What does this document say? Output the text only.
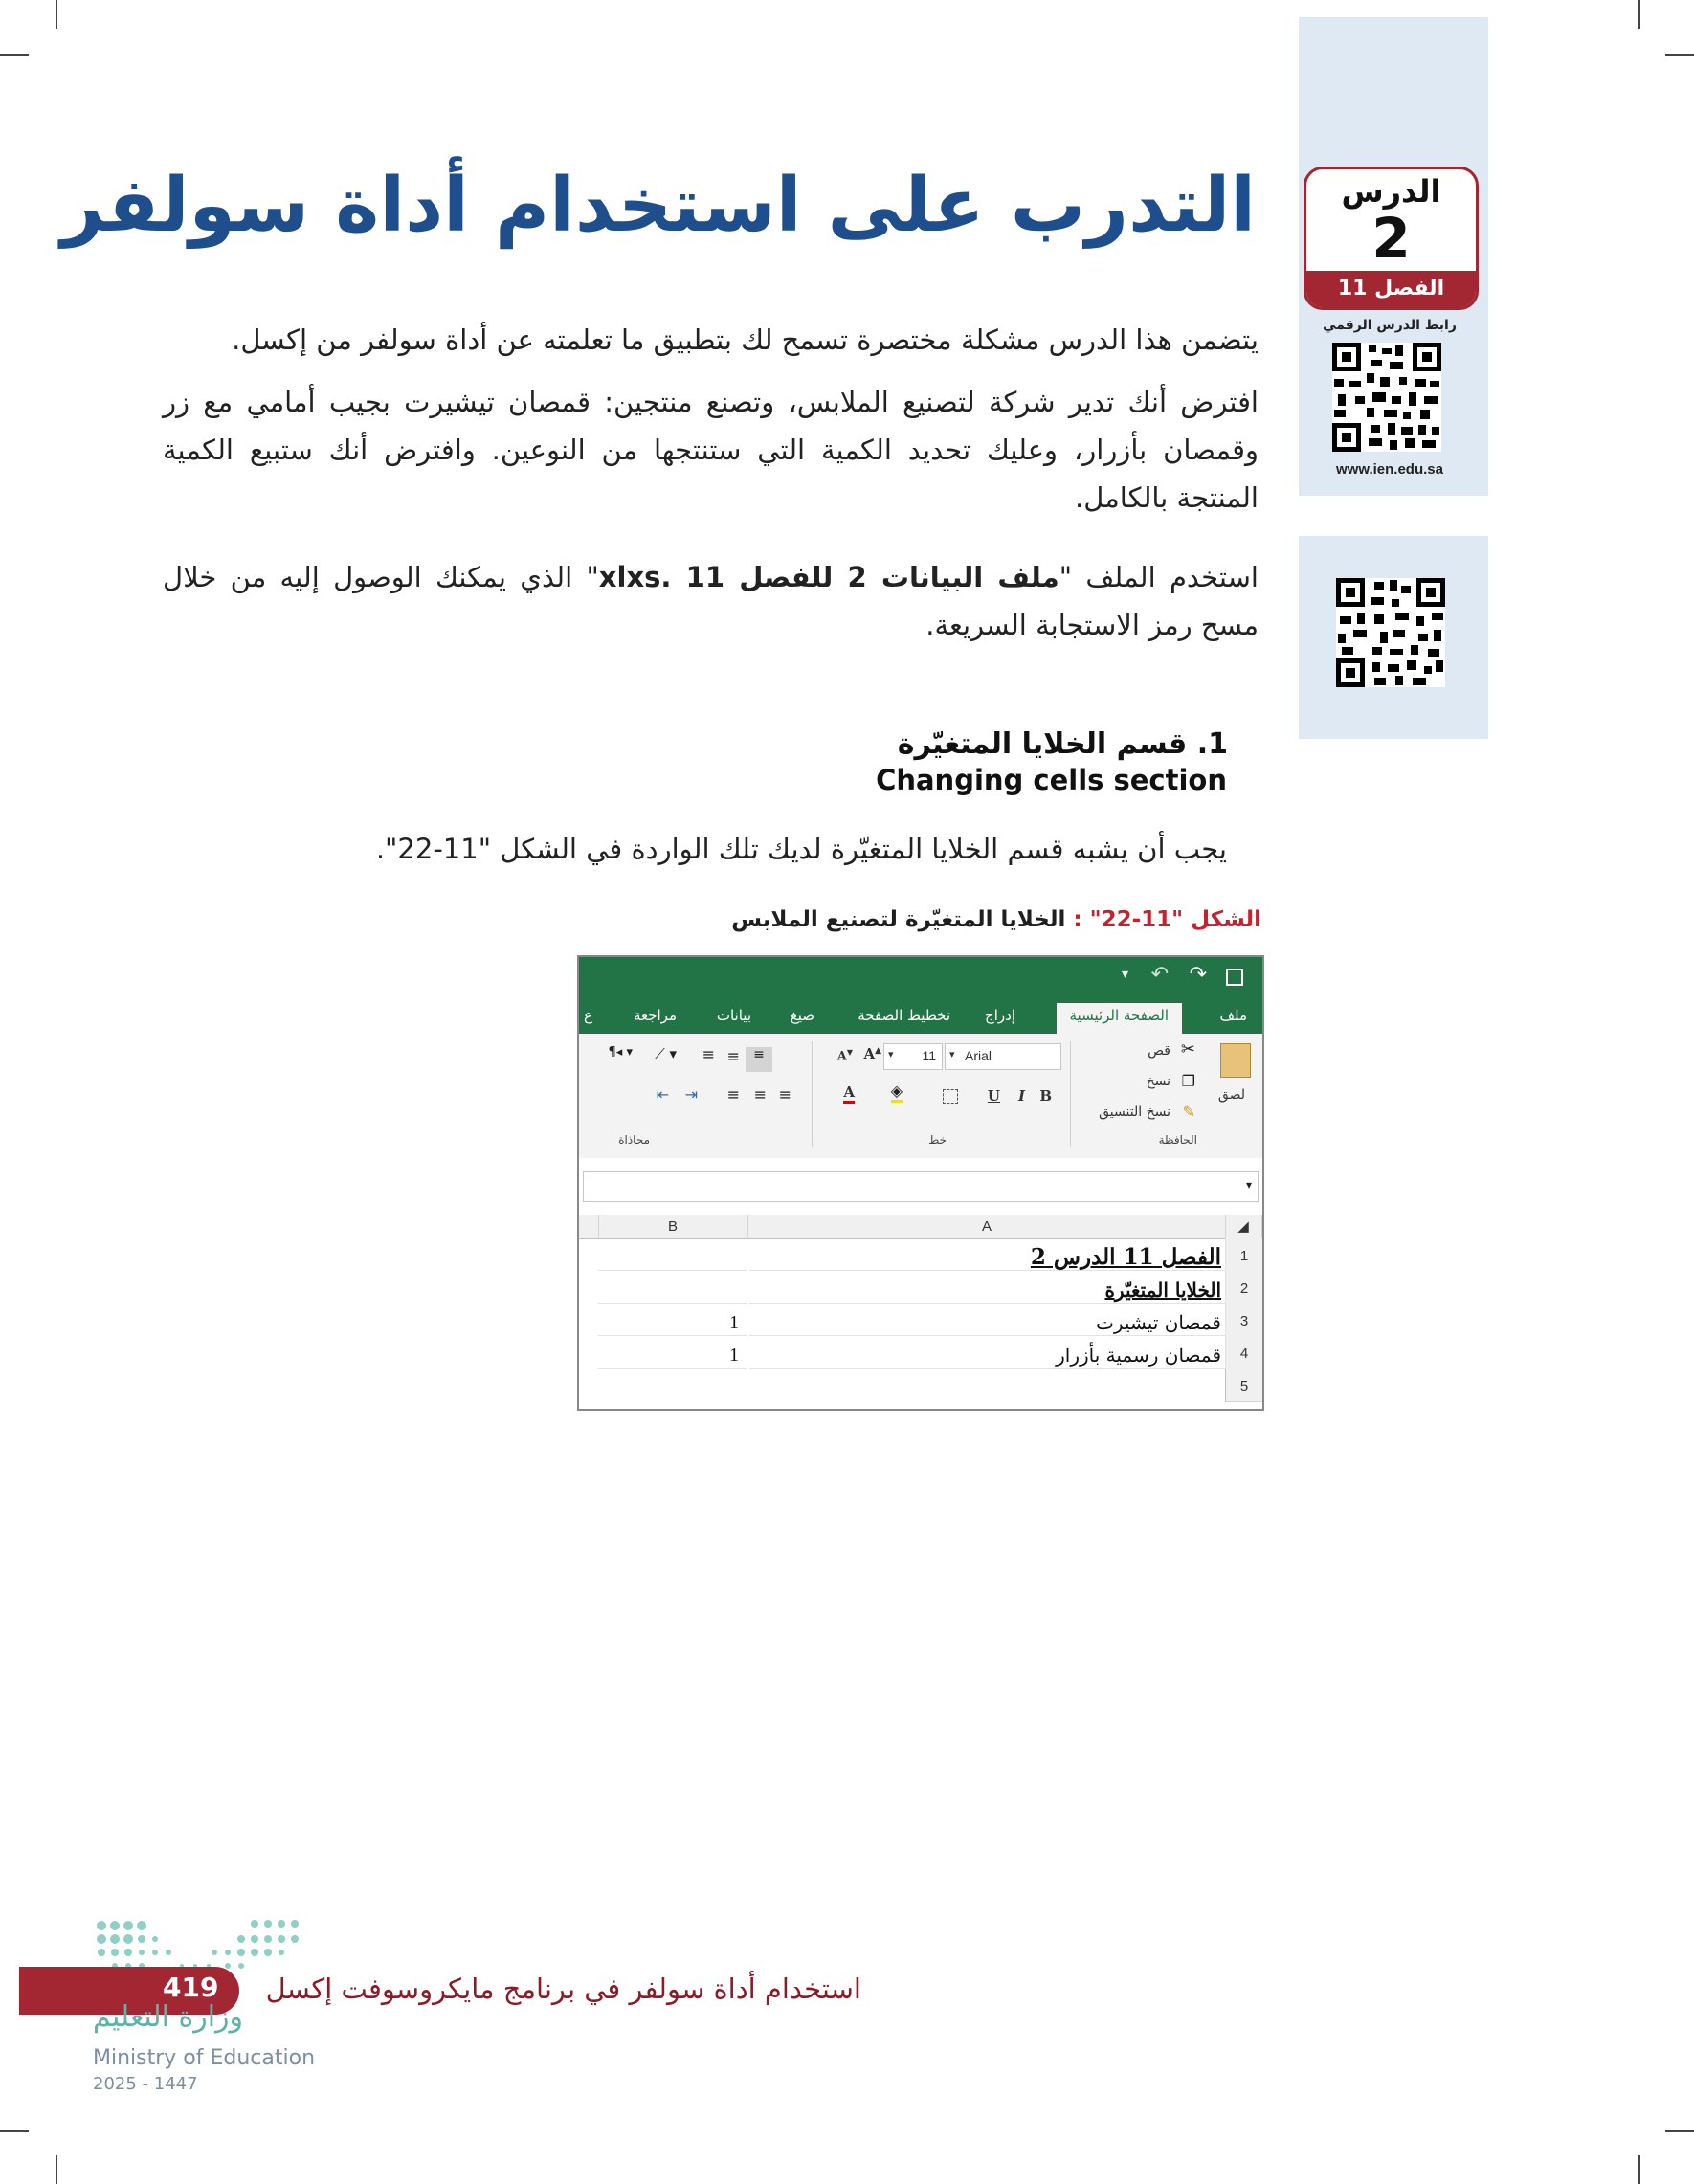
الدرس
2
الفصل 11
رابط الدرس الرقمي
www.ien.edu.sa
التدرب على استخدام أداة سولفر
يتضمن هذا الدرس مشكلة مختصرة تسمح لك بتطبيق ما تعلمته عن أداة سولفر من إكسل.
افترض أنك تدير شركة لتصنيع الملابس، وتصنع منتجين: قمصان تيشيرت بجيب أمامي مع زر وقمصان بأزرار، وعليك تحديد الكمية التي ستنتجها من النوعين. وافترض أنك ستبيع الكمية المنتجة بالكامل.
استخدم الملف "ملف البيانات 2 للفصل 11 .xlxs" الذي يمكنك الوصول إليه من خلال مسح رمز الاستجابة السريعة.
1. قسم الخلايا المتغيّرة
Changing cells section
يجب أن يشبه قسم الخلايا المتغيّرة لديك تلك الواردة في الشكل "11-22".
الشكل "11-22" : الخلايا المتغيّرة لتصنيع الملابس
↷
↶
▾
ملف
الصفحة الرئيسية
إدراج
تخطيط الصفحة
صيغ
بيانات
مراجعة
ع
لصق
قص ✂
نسخ ❐
نسخ التنسيق ✎
الحافظة
Arial
▾
11
▾
A▲
A▼
B
I
U
◈
A
خط
≡
≡
≡
≡
≡
≡
⇥
⇤
⟋ ▾
¶◂ ▾
محاذاة
▾
◢
A
B
1
الفصل 11 الدرس 2
2
الخلايا المتغيّرة
3
قمصان تيشيرت
1
4
قمصان رسمية بأزرار
1
5
419 استخدام أداة سولفر في برنامج مايكروسوفت إكسل
وزارة التعليم
Ministry of Education
2025 - 1447
